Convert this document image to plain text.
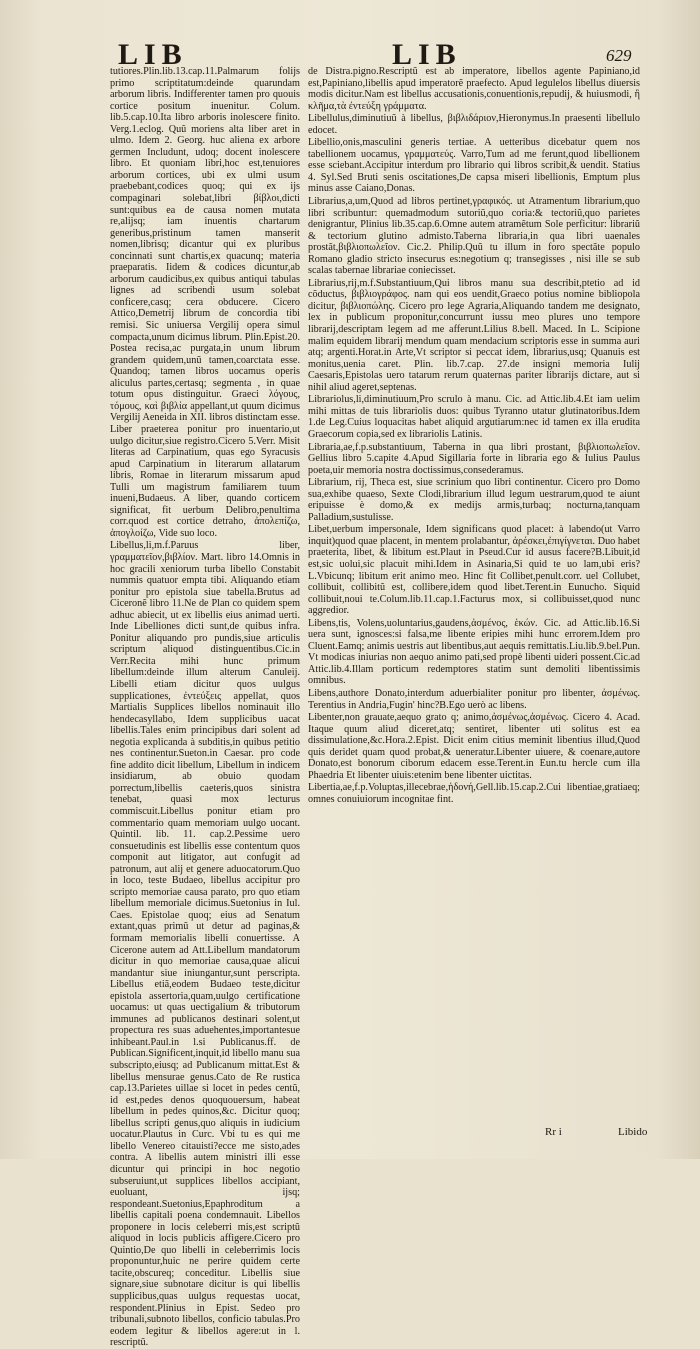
LIB	LIB	629

tutiores.Plin.lib.13.cap.11.Palmarum folijs primo scriptitatum:deinde quarundam arborum libris. Indifferenter tamen pro quouis cortice positum inuenitur. Colum. lib.5.cap.10.Ita libro arboris inolescere finito. Verg.1.eclog. Quũ moriens alta liber aret in ulmo. Idem 2. Georg. huc aliena ex arbore germen Includunt, udoq; docent inolescere libro. Et quoniam libri,hoc est,tenuiores arborum cortices, ubi ex ulmi usum praebebant,codices quoq; qui ex ijs compaginari solebat,libri βίβλοι,dicti sunt:quibus ea de causa nomen mutata re,alijsq; iam inuentis chartarum generibus,pristinum tamen manserit nomen,librisq; dicantur qui ex pluribus concinnati sunt chartis,ex quacunq; materia praeparatis. Iidem & codices dicuntur,ab arborum caudicibus,ex quibus antiqui tabulas lignes ad scribendi usum solebat conficere,casq; cera obducere. Cicero Attico,Demetrij librum de concordia tibi remisi. Sic uniuersa Vergilij opera simul compacta,unum dicimus librum. Plin.Epist.20. Postea recisa,ac purgata,in unum librum grandem quidem,unũ tamen,coarctata esse. Quandoq; tamen libros uocamus operis aliculus partes,certasq; segmenta , in quae totum opus distinguitur. Graeci λόγους, τόμους, καὶ βιβλία appellant,ut quum dicimus Vergilij Aeneida in XII. libros distinctam esse. Liber praeterea ponitur pro inuentario,ut uulgo dicitur,siue registro.Cicero 5.Verr. Misit literas ad Carpinatium, quas ego Syracusis apud Carpinatium in literarum allatarum libris, Romae in literarum missarum apud Tulli um magistrum familiarem tuum inueni,Budaeus. A liber, quando corticem significat, fit uerbum Delibro,penultima corr.quod est cortice detraho, ἀπολεπίζω, ἀπογλοίζω, Vide suo loco.

Libellus,li,m.f.Paruus liber, γραμματεῖον,βιβλίον. Mart. libro 14.Omnis in hoc gracili xeniorum turba libello Constabit nummis quatuor empta tibi. Aliquando etiam ponitur pro epistola siue tabella.Brutus ad Ciceronẽ libro 11.Ne de Plan co quidem spem adhuc abiecit, ut ex libellis eius animad uerti. Inde Libelliones dicti sunt,de quibus infra. Ponitur aliquando pro pundis,siue articulis scriptum aliquod distinguentibus.Cic.in Verr.Recita mihi hunc primum libellum:deinde illum alterum Canuleij. Libelli etiam dicitur quos uulgus supplicationes, ἐντεύξεις appellat, quos Martialis Supplices libellos nominauit illo hendecasyllabo, Idem supplicibus uacat libellis.Tales enim principibus dari solent ad negotia explicanda à subditis,in quibus petitio nes continentur.Sueton.in Caesar. pro code fine addito dicit libellum, Libellum in indicem insidiarum, ab obuio quodam porrectum,libellis caeteris,quos sinistra tenebat, quasi mox lecturus commiscuit.Libellus ponitur etiam pro commentario quam memoriam uulgo uocant. Quintil. lib. 11. cap.2.Pessime uero consuetudinis est libellis esse contentum quos componit aut litigator, aut confugit ad patronum, aut alij et genere aduocatorum.Quo in loco, teste Budaeo, libellus accipitur pro scripto memoriae causa parato, pro quo etiam libellum memoriale dicimus.Suetonius in Iul. Caes. Epistolae quoq; eius ad Senatum extant,quas primũ ut detur ad paginas,& formam memorialis libelli conuertisse. A Cicerone autem ad Att.Libellum mandatorum dicitur in quo memoriae causa,quae alicui mandantur siue iniungantur,sunt perscripta. Libellus etiã,eodem Budaeo teste,dicitur epistola assertoria,quam,uulgo certificatione uocamus: ut quas uectigalium & tributorum immunes ad publicanos destinari solent,ut propectura res suas aduehentes,importantesue inhibeant.Paul.in l.si Publicanus.ff. de Publican.Significent,inquit,id libello manu sua subscripto,eiusq; ad Publicanum mittat.Est & libellus mensurae genus.Cato de Re rustica cap.13.Parietes uillae si locet in pedes centũ, id est,pedes denos quoquouersum, habeat libellum in pedes quinos,&c. Dicitur quoq; libellus scripti genus,quo aliquis in iudicium uocatur.Plautus in Curc. Vbi tu es qui me libello Venereo citauisti?ecce me sisto,ades contra. A libellis autem ministri illi esse dicuntur qui principi in hoc negotio subseruiunt,ut supplices libellos accipiant, euoluant, ijsq; respondeant.Suetonius,Epaphroditum a libellis capitali poena condemnauit. Libellos proponere in locis celeberri mis,est scriptũ aliquod in locis publicis affigere.Cicero pro Quintio,De quo libelli in celeberrimis locis proponuntur,huic ne perire quidem certe tacite,obscureq; conceditur. Libellis siue signare,siue subnotare dicitur is qui libellis supplicibus,quas uulgus requestas uocat, respondent.Plinius in Epist. Sedeo pro tribunali,subnoto libellos, conficio tabulas.Pro eodem legitur & libellos agere:ut in l. rescriptũ.

de Distra.pigno.Rescriptũ est ab imperatore, libellos agente Papiniano,id est,Papiniano,libellis apud imperatorẽ praefecto. Apud legulelos libellus diuersis modis dicitur.Nam est libellus accusationis,conuentionis,repudij, & huiusmodi, ἢ κλῆμα,τὰ ἐντεύξη γράμματα.

Libellulus,diminutiuũ à libellus, βιβλιδάριον,Hieronymus.In praesenti libellulo edocet.

Libellio,onis,masculini generis tertiae. A uetteribus dicebatur quem nos tabellionem uocamus, γραμματεύς. Varro,Tum ad me ferunt,quod libellionem esse sciebant.Accipitur interdum pro librario qui libros scribit,& uendit. Statius 4. Syl.Sed Bruti senis oscitationes,De capsa miseri libellionis, Emptum plus minus asse Caiano,Donas.

Librarius,a,um,Quod ad libros pertinet,γραφικός. ut Atramentum librarium,quo libri scribuntur: quemadmodum sutoriũ,quo coria:& tectoriũ,quo parietes denigrantur, Plinius lib.35.cap.6.Omne autem atramẽtum Sole perficitur: librariũ & tectorium glutino admisto.Taberna libraria,in qua libri uaenales prostãt,βιβλιοπωλεῖον. Cic.2. Philip.Quũ tu illum in foro spectãte populo Romano gladio stricto insecurus es:negotium q; transegisses , nisi ille se sub scalas tabernae librariae coniecisset.

Librarius,rij,m.f.Substantiuum,Qui libros manu sua describit,ptetio ad id cõductus, βιβλιογράφος. nam qui eos uendit,Graeco potius nomine bibliopola dicitur, βιβλιοπώλης. Cicero pro lege Agraria,Aliquando tandem me designato, lex in publicum proponitur,concurrunt iussu meo plures uno tempore librarij,descriptam legem ad me afferunt.Lilius 8.bell. Maced. In L. Scipione malim equidem librarij mendum quam mendacium scriptoris esse in summa auri atq; argenti.Horat.in Arte,Vt scriptor si peccat idem, librarius,usq; Quanuis est monitus,uenia caret. Plin. lib.7.cap. 27.de insigni memoria Iulij Caesaris,Epistolas uero tatarum rerum quaternas pariter librarijs dictare, aut si nihil aliud ageret,septenas.

Librariolus,li,diminutiuum,Pro scrulo à manu. Cic. ad Attic.lib.4.Et iam uelim mihi mittas de tuis librariolis duos: quibus Tyranno utatur glutinatoribus.Idem 1.de Leg.Cuius loquacitas habet aliquid argutiarum:nec id tamen ex illa erudita Graecorum copia,sed ex librariolis Latinis.

Libraria,ae,f.p.substantiuum, Taberna in qua libri prostant, βιβλιοπωλεῖον. Gellius libro 5.capite 4.Apud Sigillaria forte in libraria ego & Iulius Paulus poeta,uir memoria nostra doctissimus,consederamus.

Librarium, rij, Theca est, siue scrinium quo libri continentur. Cicero pro Domo sua,exhibe quaeso, Sexte Clodi,librarium illud legum uestrarum,quod te aiunt eripuisse è domo,& ex medijs armis,turbaq; nocturna,tanquam Palladium,sustulisse.

Libet,uerbum impersonale, Idem significans quod placet: à labendo(ut Varro inquit)quod quae placent, in mentem prolabantur, ἀρέσκει,ἐπιγίγνεται. Duo habet praeterita, libet, & libitum est.Plaut in Pseud.Cur id ausus facere?B.Libuit,id est,sic uolui,sic placuit mihi.Idem in Asinaria,Si quid te uo lam,ubi eris?L.Vbicunq; libitum erit animo meo. Hinc fit Collibet,penult.corr. uel Collubet, collibuit, collibitũ est, collibere,idem quod libet.Terent.in Eunucho. Siquid collibuit,noui te.Colum.lib.11.cap.1.Facturus mox, si collibuisset,quod nunc aggredior.

Libens,tis, Volens,uoluntarius,gaudens,ἀσμένος, ἑκών. Cic. ad Attic.lib.16.Si uera sunt, ignosces:si falsa,me libente eripies mihi hunc errorem.Idem pro Cluent.Eamq; animis uestris aut libentibus,aut aequis remittatis.Liu.lib.9.bel.Pun. Vt modicas iniurias non aequo animo pati,sed propè libenti uideri possent.Cic.ad Attic.lib.4.Illam porticum redemptores statim sunt demoliti libentissimis omnibus.

Libens,authore Donato,interdum aduerbialiter ponitur pro libenter, ἀσμένως. Terentius in Andria,Fugin' hinc?B.Ego uerò ac libens.

Libenter,non grauate,aequo grato q; animo,ἀσμένως,ἀσμένως. Cicero 4. Acad. Itaque quum aliud diceret,atq; sentiret, libenter uti solitus est ea dissimulatione,&c.Hora.2.Epist. Dicit enim citius meminit libentius illud,Quod quis deridet quam quod probat,& ueneratur.Libenter uiuere, & coenare,autore Donato,est bonorum ciborum edacem esse.Terent.in Eun.tu hercle cum illa Phaedria Et libenter uiuis:etenim bene libenter uictitas.

Libertia,ae,f.p.Voluptas,illecebrae,ἡδονή,Gell.lib.15.cap.2.Cui libentiae,gratiaeq; omnes conuiuiorum incognitae fint.

Rr i	Libido
